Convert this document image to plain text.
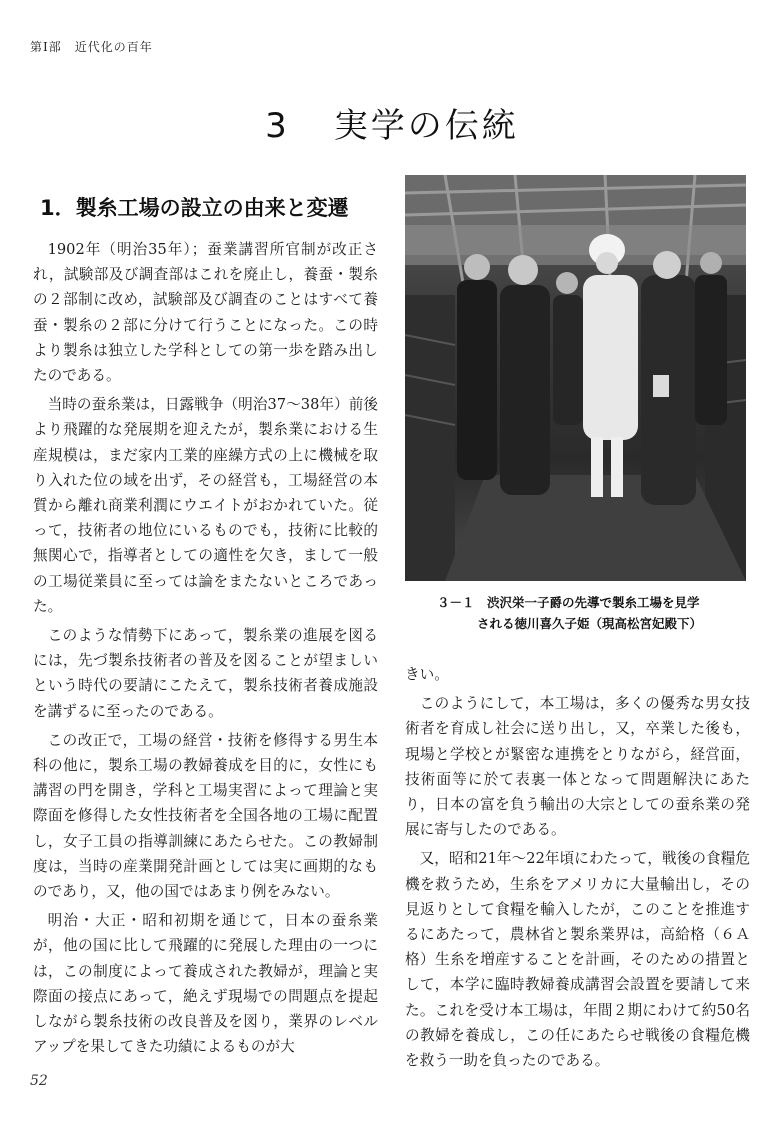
第Ⅰ部　近代化の百年
3 実学の伝統
1．製糸工場の設立の由来と変遷

1902年（明治35年）；蚕業講習所官制が改正され，試験部及び調査部はこれを廃止し，養蚕・製糸の２部制に改め，試験部及び調査のことはすべて養蚕・製糸の２部に分けて行うことになった。この時より製糸は独立した学科としての第一歩を踏み出したのである。

当時の蚕糸業は，日露戦争（明治37～38年）前後より飛躍的な発展期を迎えたが，製糸業における生産規模は，まだ家内工業的座繰方式の上に機械を取り入れた位の域を出ず，その経営も，工場経営の本質から離れ商業利潤にウエイトがおかれていた。従って，技術者の地位にいるものでも，技術に比較的無関心で，指導者としての適性を欠き，まして一般の工場従業員に至っては論をまたないところであった。

このような情勢下にあって，製糸業の進展を図るには，先づ製糸技術者の普及を図ることが望ましいという時代の要請にこたえて，製糸技術者養成施設を講ずるに至ったのである。

この改正で，工場の経営・技術を修得する男生本科の他に，製糸工場の教婦養成を目的に，女性にも講習の門を開き，学科と工場実習によって理論と実際面を修得した女性技術者を全国各地の工場に配置し，女子工員の指導訓練にあたらせた。この教婦制度は，当時の産業開発計画としては実に画期的なものであり，又，他の国ではあまり例をみない。

明治・大正・昭和初期を通じて，日本の蚕糸業が，他の国に比して飛躍的に発展した理由の一つには，この制度によって養成された教婦が，理論と実際面の接点にあって，絶えず現場での問題点を提起しながら製糸技術の改良普及を図り，業界のレベルアップを果してきた功績によるものが大

３－１　渋沢栄一子爵の先導で製糸工場を見学
される徳川喜久子姫（現高松宮妃殿下）

きい。

このようにして，本工場は，多くの優秀な男女技術者を育成し社会に送り出し，又，卒業した後も，現場と学校とが緊密な連携をとりながら，経営面，技術面等に於て表裏一体となって問題解決にあたり，日本の富を負う輸出の大宗としての蚕糸業の発展に寄与したのである。

又，昭和21年～22年頃にわたって，戦後の食糧危機を救うため，生糸をアメリカに大量輸出し，その見返りとして食糧を輸入したが，このことを推進するにあたって，農林省と製糸業界は，高給格（６Ａ格）生糸を増産することを計画，そのための措置として，本学に臨時教婦養成講習会設置を要請して来た。これを受け本工場は，年間２期にわけて約50名の教婦を養成し，この任にあたらせ戦後の食糧危機を救う一助を負ったのである。

52
